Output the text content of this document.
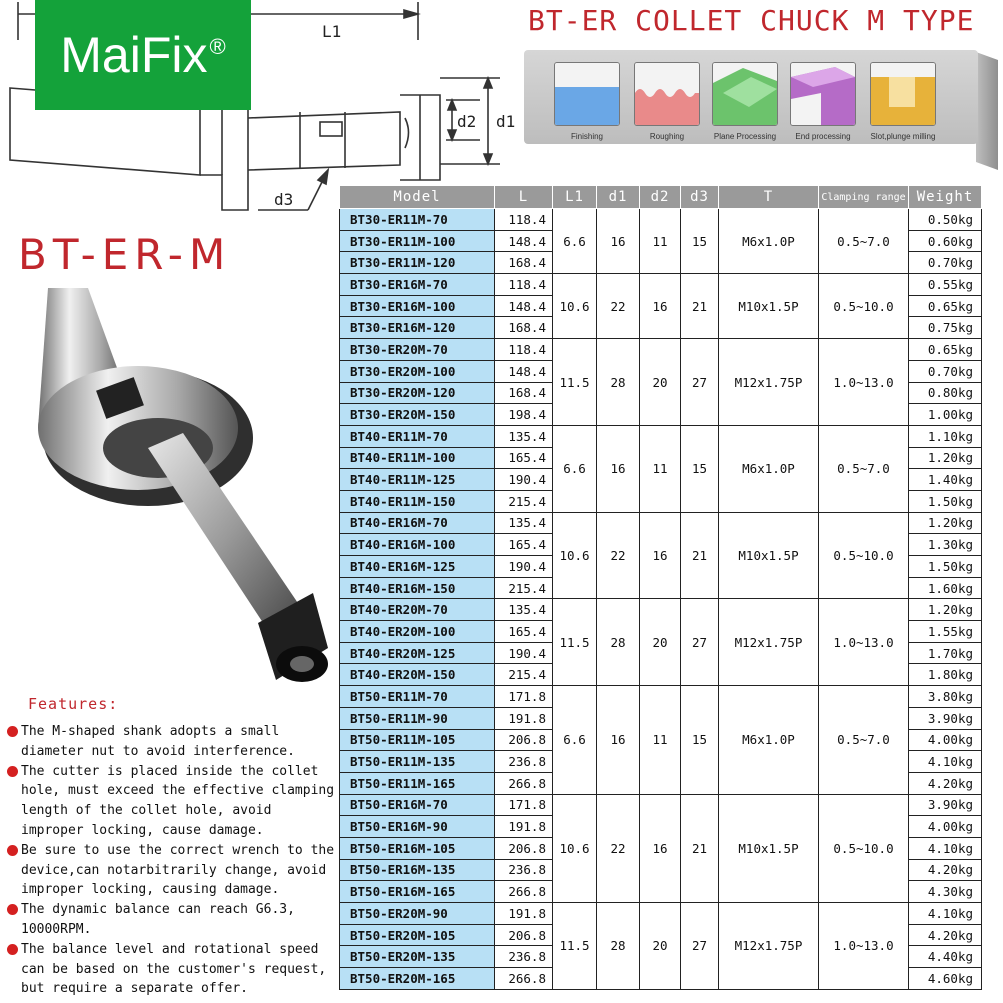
L1
d2 d1
d3
MaiFix®
BT-ER COLLET CHUCK M TYPE
Finishing	Roughing	Plane Processing	End processing	Slot,plunge milling
BT-ER-M
Features:

The M-shaped shank adopts a small diameter nut to avoid interference.

The cutter is placed inside the collet hole, must exceed the effective clamping length of the collet hole, avoid improper locking, cause damage.

Be sure to use the correct wrench to the device,can notarbitrarily change, avoid improper locking, causing damage.

The dynamic balance can reach G6.3, 10000RPM.

The balance level and rotational speed can be based on the customer's request, but require a separate offer.

Model	L	L1	d1	d2	d3	T	Clamping range	Weight
BT30-ER11M-70	118.4	6.6	16	11	15	M6x1.0P	0.5~7.0	0.50kg
BT30-ER11M-100	148.4							0.60kg
BT30-ER11M-120	168.4							0.70kg
BT30-ER16M-70	118.4	10.6	22	16	21	M10x1.5P	0.5~10.0	0.55kg
BT30-ER16M-100	148.4							0.65kg
BT30-ER16M-120	168.4							0.75kg
BT30-ER20M-70	118.4	11.5	28	20	27	M12x1.75P	1.0~13.0	0.65kg
BT30-ER20M-100	148.4							0.70kg
BT30-ER20M-120	168.4							0.80kg
BT30-ER20M-150	198.4							1.00kg
BT40-ER11M-70	135.4	6.6	16	11	15	M6x1.0P	0.5~7.0	1.10kg
BT40-ER11M-100	165.4							1.20kg
BT40-ER11M-125	190.4							1.40kg
BT40-ER11M-150	215.4							1.50kg
BT40-ER16M-70	135.4	10.6	22	16	21	M10x1.5P	0.5~10.0	1.20kg
BT40-ER16M-100	165.4							1.30kg
BT40-ER16M-125	190.4							1.50kg
BT40-ER16M-150	215.4							1.60kg
BT40-ER20M-70	135.4	11.5	28	20	27	M12x1.75P	1.0~13.0	1.20kg
BT40-ER20M-100	165.4							1.55kg
BT40-ER20M-125	190.4							1.70kg
BT40-ER20M-150	215.4							1.80kg
BT50-ER11M-70	171.8	6.6	16	11	15	M6x1.0P	0.5~7.0	3.80kg
BT50-ER11M-90	191.8							3.90kg
BT50-ER11M-105	206.8							4.00kg
BT50-ER11M-135	236.8							4.10kg
BT50-ER11M-165	266.8							4.20kg
BT50-ER16M-70	171.8	10.6	22	16	21	M10x1.5P	0.5~10.0	3.90kg
BT50-ER16M-90	191.8							4.00kg
BT50-ER16M-105	206.8							4.10kg
BT50-ER16M-135	236.8							4.20kg
BT50-ER16M-165	266.8							4.30kg
BT50-ER20M-90	191.8	11.5	28	20	27	M12x1.75P	1.0~13.0	4.10kg
BT50-ER20M-105	206.8							4.20kg
BT50-ER20M-135	236.8							4.40kg
BT50-ER20M-165	266.8							4.60kg
